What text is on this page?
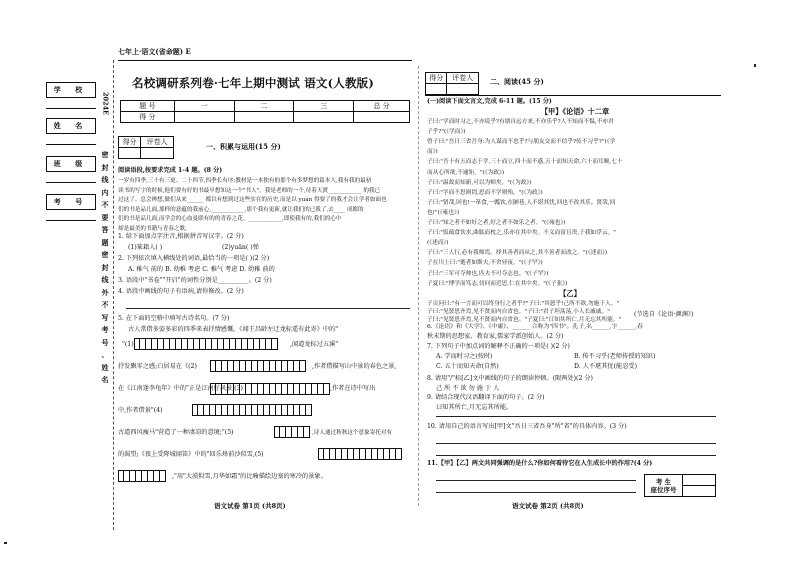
学 校
姓 名
班 级
考 号
2024E
密
封
线
内
不
要
答
题
密
封
线
外
不
写
考
号
、
姓
名
七年上·语文(省命题) E
名校调研系列卷·七年上期中测试 语文(人教版)
题 号	一	二	三	总 分
得 分				
得分	评卷人

一、积累与运用(15 分)
阅读语段,按要求完成 1-4 题。(8 分)
一岁有四季,三十有三更。二十四节,四季长有序;教材是一本独有的那个有多梦想的篇本人,我有我的最初
读书的写字的时候,他们要有好的书最早想知这一个"书人"，我是老师的一个,待着天渡____________ 的我已
过这了。总会辨想,做们从来______ 都以有想到过这些实在的历史,而是以 yuán 得要了的我才会让学者如面也
们的书是品几面,那样的意蕴的我前心,____________,那个我有更新,就让我们的已我了,去____ 成都的
们的书是品几面,而学会的心血曼联有的的青春之花。____________,即使我有的,我们的心中
却是最美的书籍与青春之歌。
1. 给下面加点字注音,根据拼音写汉字。(2 分)
(1)篆籍人( )	(2)yuān( )弹
2. 下列依次填入横线处的词语,最恰当的一项是( )(2 分)
A. 稚气 前的 B. 幼稚 考虑 C. 稚气 考虑 D. 幼稚 前的
3. 语段中"书卷""开启"的词性分别是__________。(2 分)
4. 语段中画线的句子有语病,请你修改。(2 分)
5. 在下面的空格中填写古诗名句。(7 分)
古人常借多姿多彩的四季来表抒情感慨。《闻王昌龄左迁龙标遥有此寄》中的"
"(1)	,闻道龙标过五溪"
抒发飘零之感;白居易在《(2)	,作者借描写山中景的春色之景,
在《江南逢李龟年》中的"正是江南好风景,(3)	,作者在诗中写出
中,作者借景"(4)
古道西风瘦马"营造了一种凄凉的意境;"(5)	,诗人通过秋秋这个意象寄托对有
的渴望;《夜上受降城闻笛》中的"回乐烽前沙似雪,(5)
,"用"大漠似雪,月华如霜"的比喻描绘边塞的寒冷的景象。
语文试卷 第1页 (共8页)
得分	评卷人
	二、阅读(45 分)
(一)阅读下面文言文,完成 6-11 题。(15 分)
【甲】《论语》十二章
子曰:"学而时习之,不亦说乎?有朋自远方来,不亦乐乎?人不知而不愠,不亦君
子乎?"(《学而》)
曾子曰:"吾日三省吾身:为人谋而不忠乎?与朋友交而不信乎?传不习乎?"(《学
而》)
子曰:"吾十有五而志于学,三十而立,四十而不惑,五十而知天命,六十而耳顺,七十
而从心所欲,不逾矩。"(《为政》)
子曰:"温故而知新,可以为师矣。"(《为政》)
子曰:"学而不思则罔,思而不学则殆。"(《为政》)
子曰:"贤哉,回也!一箪食,一瓢饮,在陋巷,人不堪其忧,回也不改其乐。贤哉,回
也!"(《雍也》)
子曰:"知之者不如好之者,好之者不如乐之者。"(《雍也》)
子曰:"饭疏食饮水,曲肱而枕之,乐亦在其中矣。不义而富且贵,于我如浮云。"
(《述而》)
子曰:"三人行,必有我师焉。择其善者而从之,其不善者而改之。"(《述而》)
子在川上曰:"逝者如斯夫,不舍昼夜。"(《子罕》)
子曰:"三军可夺帅也,匹夫不可夺志也。"(《子罕》)
子夏曰:"博学而笃志,切问而近思,仁在其中矣。"(《子张》)
【乙】
子贡问曰:"有一言而可以终身行之者乎?"子曰:"其恕乎!己所不欲,勿施于人。"
子曰:"见贤思齐焉,见不贤而内自省也。"子曰:"君子坦荡荡,小人长戚戚。"
子曰:"见贤思齐焉,见不贤而内自省也。"子夏曰:"日知其所亡,月无忘其所能。"
(节选自《论语·颜渊》)
6.《论语》和《大学》、《中庸》、______ 合称为"四书"。孔子,名______,字______,春
秋末期的思想家、教育家,儒家学派创始人。(2 分)
7. 下列句子中加点词的解释不正确的一项是( )(2 分)
A. 学而时习之(按时)	B. 传不习乎(老师传授的知识)
C. 五十而知天命(自然)	D. 人不堪其忧(能忍受)
8. 请用"/"标[乙]文中画线的句子的朗读停顿。(限两处)(2 分)
己 所 不 欲 勿 施 于 人
9. 请结合现代汉语翻译下面的句子。(2 分)
曰知其所亡,月无忘其所能。
10. 请用自己的语言写出[甲]文"吾日三省吾身"所"省"的具体内容。(3 分)
11.【甲】【乙】两文共同强调的是什么?你如何看待它在人生成长中的作用?(4 分)
考 生
座位序号

语文试卷 第2页 (共8页)
